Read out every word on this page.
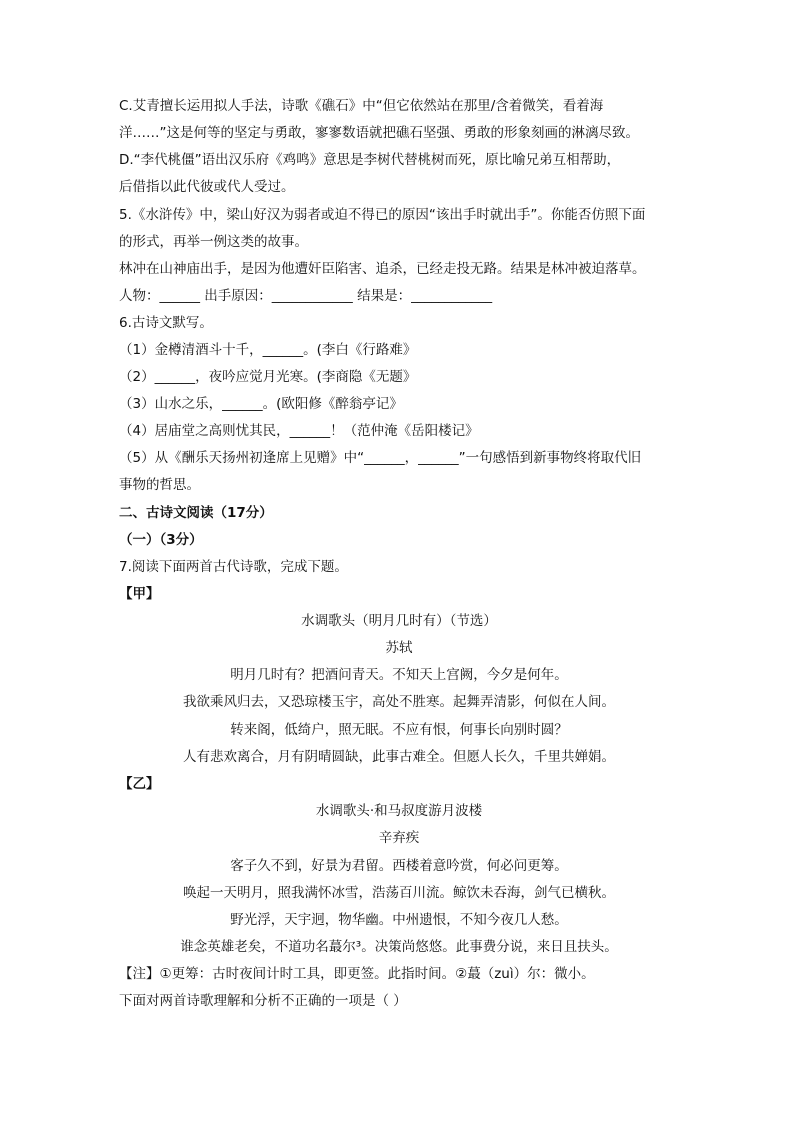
C.艾青擅长运用拟人手法，诗歌《礁石》中“但它依然站在那里/含着微笑，看着海
洋……”这是何等的坚定与勇敢，寥寥数语就把礁石坚强、勇敢的形象刻画的淋漓尽致。
D.“李代桃僵”语出汉乐府《鸡鸣》意思是李树代替桃树而死，原比喻兄弟互相帮助，
后借指以此代彼或代人受过。
5.《水浒传》中，梁山好汉为弱者或迫不得已的原因“该出手时就出手”。你能否仿照下面
的形式，再举一例这类的故事。
林冲在山神庙出手，是因为他遭奸臣陷害、追杀，已经走投无路。结果是林冲被迫落草。
人物：______ 出手原因：____________ 结果是：____________
6.古诗文默写。
（1）金樽清酒斗十千，______。(李白《行路难》
（2）______，夜吟应觉月光寒。(李商隐《无题》
（3）山水之乐，______。(欧阳修《醉翁亭记》
（4）居庙堂之高则忧其民，______！（范仲淹《岳阳楼记》
（5）从《酬乐天扬州初逢席上见赠》中“______，______”一句感悟到新事物终将取代旧
事物的哲思。
二、古诗文阅读（17分）
（一）（3分）
7.阅读下面两首古代诗歌，完成下题。
【甲】
水调歌头（明月几时有）（节选）
苏轼
明月几时有？把酒问青天。不知天上宫阙，今夕是何年。
我欲乘风归去，又恐琼楼玉宇，高处不胜寒。起舞弄清影，何似在人间。
转来阁，低绮户，照无眠。不应有恨，何事长向别时圆？
人有悲欢离合，月有阴晴圆缺，此事古难全。但愿人长久，千里共婵娟。
【乙】
水调歌头·和马叔度游月波楼
辛弃疾
客子久不到，好景为君留。西楼着意吟赏，何必问更筹。
唤起一天明月，照我满怀冰雪，浩荡百川流。鲸饮未吞海，剑气已横秋。
野光浮，天宇迥，物华幽。中州遗恨，不知今夜几人愁。
谁念英雄老矣，不道功名蕞尔³。决策尚悠悠。此事费分说，来日且扶头。
【注】①更筹：古时夜间计时工具，即更签。此指时间。②蕞（zuì）尔：微小。
下面对两首诗歌理解和分析不正确的一项是（ ）
